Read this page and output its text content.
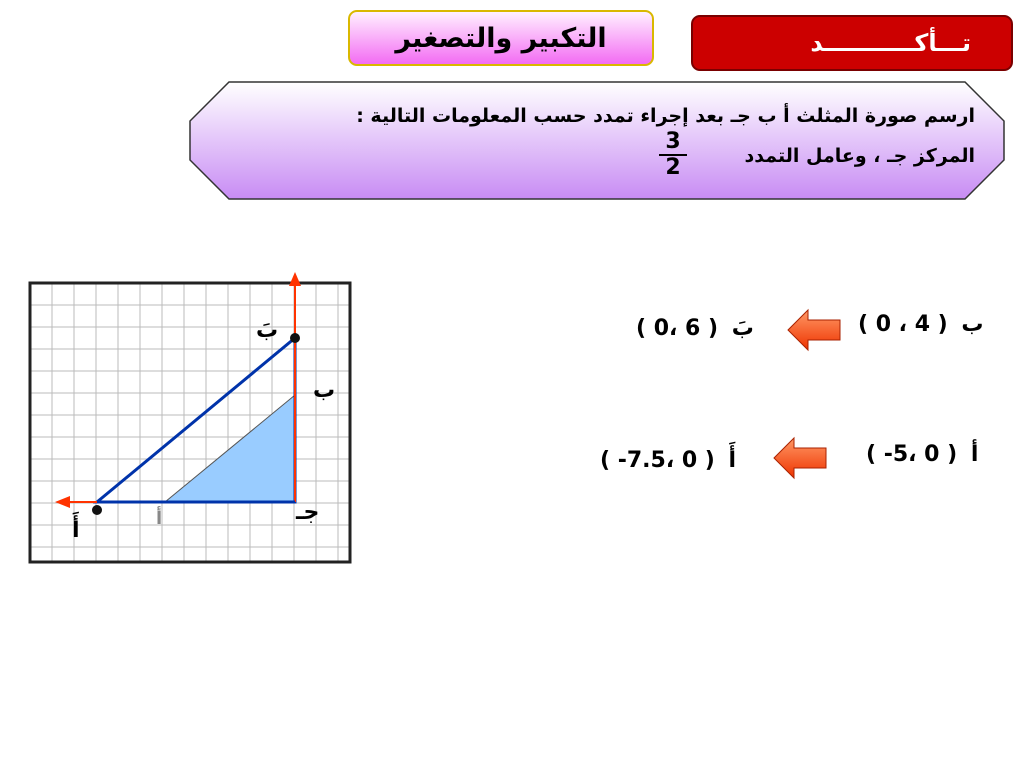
التكبير والتصغير	تـــأكـــــــــــد
ارسم صورة المثلث أ ب جـ بعد إجراء تمدد حسب المعلومات التالية :
المركز جـ ، وعامل التمدد
$\frac{3}{2}$
بَ
ب
جـ
أ
أَ
( 0 ، 4 ) ب
( 0، 6 ) بَ
( -5، 0 ) أ
( -7.5، 0 ) أَ
